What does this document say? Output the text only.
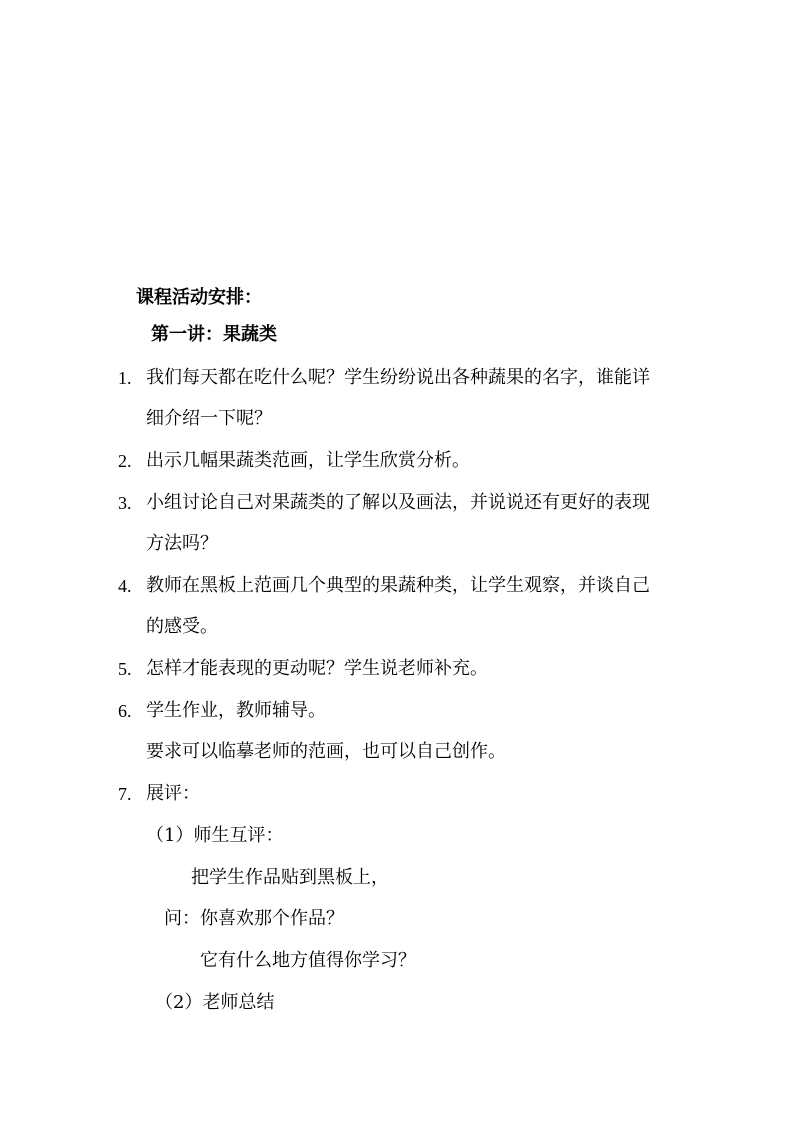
课程活动安排：
第一讲：果蔬类
1. 我们每天都在吃什么呢？学生纷纷说出各种蔬果的名字，谁能详
细介绍一下呢？
2. 出示几幅果蔬类范画，让学生欣赏分析。
3. 小组讨论自己对果蔬类的了解以及画法，并说说还有更好的表现
方法吗？
4. 教师在黑板上范画几个典型的果蔬种类，让学生观察，并谈自己
的感受。
5. 怎样才能表现的更动呢？学生说老师补充。
6. 学生作业，教师辅导。
要求可以临摹老师的范画，也可以自己创作。
7. 展评：
（1）师生互评：
把学生作品贴到黑板上，
问：你喜欢那个作品？
它有什么地方值得你学习？
（2）老师总结
